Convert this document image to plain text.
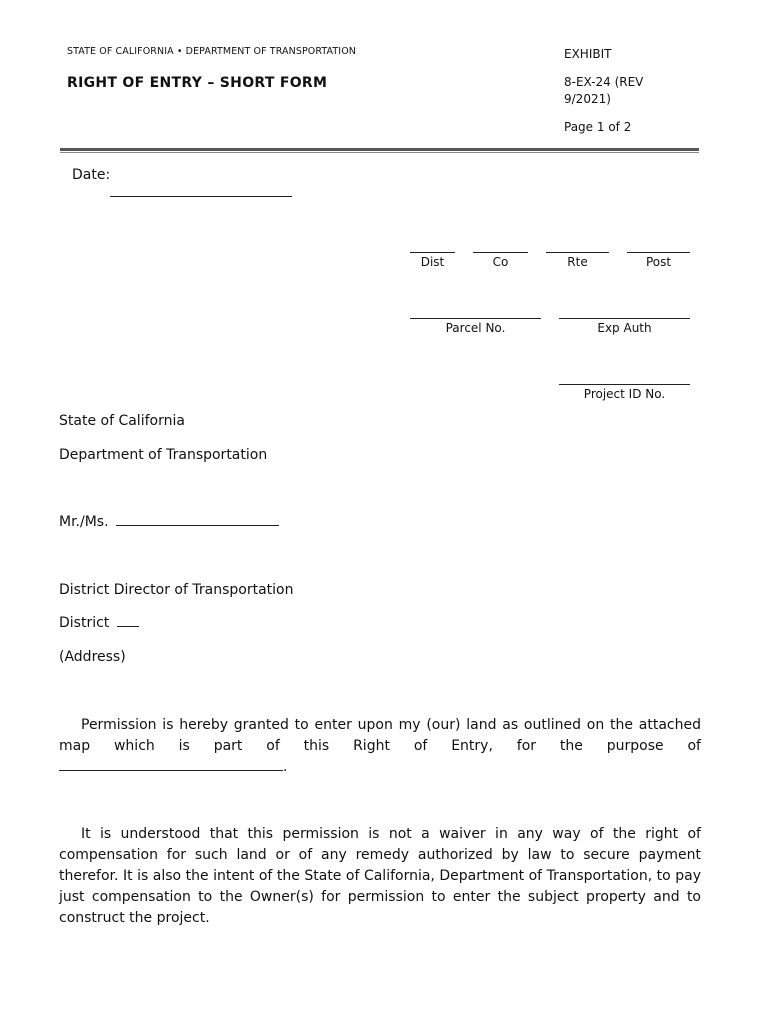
STATE OF CALIFORNIA • DEPARTMENT OF TRANSPORTATION
RIGHT OF ENTRY – SHORT FORM
EXHIBIT
8-EX-24 (REV
9/2021)
Page 1 of 2
Date:
Dist	Co	Rte	Post
Parcel No.	Exp Auth
Project ID No.
State of California
Department of Transportation
Mr./Ms.
District Director of Transportation
District
(Address)
Permission is hereby granted to enter upon my (our) land as outlined on the attached map which is part of this Right of Entry, for the purpose of
.
It is understood that this permission is not a waiver in any way of the right of compensation for such land or of any remedy authorized by law to secure payment therefor. It is also the intent of the State of California, Department of Transportation, to pay just compensation to the Owner(s) for permission to enter the subject property and to construct the project.
